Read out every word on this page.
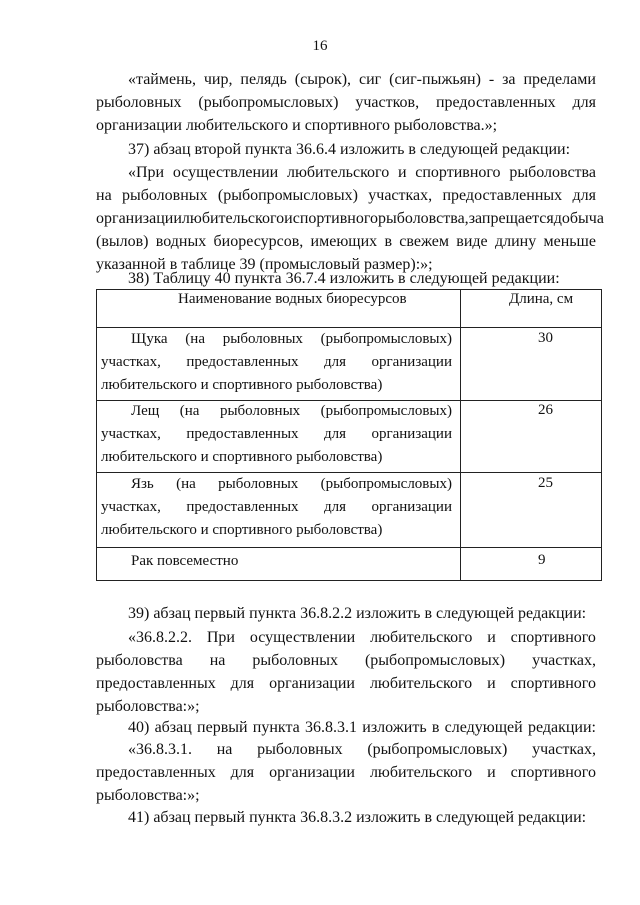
16
«таймень, чир, пелядь (сырок), сиг (сиг-пыжьян) - за пределами
рыболовных (рыбопромысловых) участков, предоставленных для
организации любительского и спортивного рыболовства.»;
37) абзац второй пункта 36.6.4 изложить в следующей редакции:
«При осуществлении любительского и спортивного рыболовства
на рыболовных (рыбопромысловых) участках, предоставленных для
организации любительского и спортивного рыболовства, запрещается добыча
(вылов) водных биоресурсов, имеющих в свежем виде длину меньше
указанной в таблице 39 (промысловый размер):»;
38) Таблицу 40 пункта 36.7.4 изложить в следующей редакции:
39) абзац первый пункта 36.8.2.2 изложить в следующей редакции:
«36.8.2.2. При осуществлении любительского и спортивного
рыболовства на рыболовных (рыбопромысловых) участках,
предоставленных для организации любительского и спортивного
рыболовства:»;
40) абзац первый пункта 36.8.3.1 изложить в следующей редакции:
«36.8.3.1. на рыболовных (рыбопромысловых) участках,
предоставленных для организации любительского и спортивного
рыболовства:»;
41) абзац первый пункта 36.8.3.2 изложить в следующей редакции:
Наименование водных биоресурсов	Длина, см
Щука (на рыболовных (рыбопромысловых)
участках, предоставленных для организации
любительского и спортивного рыболовства)
30
Лещ (на рыболовных (рыбопромысловых)
участках, предоставленных для организации
любительского и спортивного рыболовства)
26
Язь (на рыболовных (рыбопромысловых)
участках, предоставленных для организации
любительского и спортивного рыболовства)
25
Рак повсеместно	9
